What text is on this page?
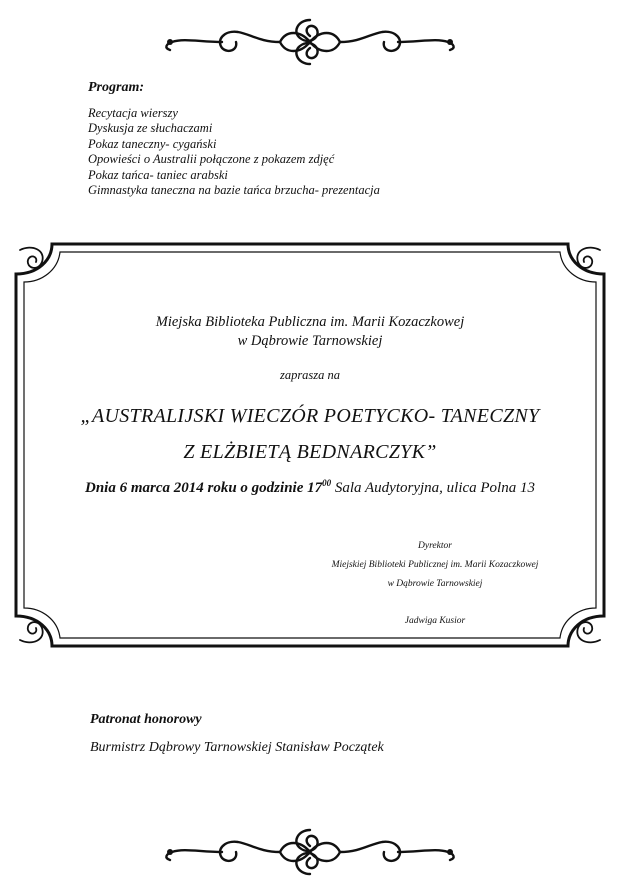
Program:
Recytacja wierszy
Dyskusja ze słuchaczami
Pokaz taneczny- cygański
Opowieści o Australii połączone z pokazem zdjęć
Pokaz tańca- taniec arabski
Gimnastyka taneczna na bazie tańca brzucha- prezentacja
Miejska Biblioteka Publiczna im. Marii Kozaczkowej
w Dąbrowie Tarnowskiej
zaprasza na
„AUSTRALIJSKI WIECZÓR POETYCKO- TANECZNY
Z ELŻBIETĄ BEDNARCZYK”
Dnia 6 marca 2014 roku o godzinie $17^{00}$ Sala Audytoryjna, ulica Polna 13
Dyrektor
Miejskiej Biblioteki Publicznej im. Marii Kozaczkowej
w Dąbrowie Tarnowskiej
Jadwiga Kusior
Patronat honorowy
Burmistrz Dąbrowy Tarnowskiej Stanisław Początek
